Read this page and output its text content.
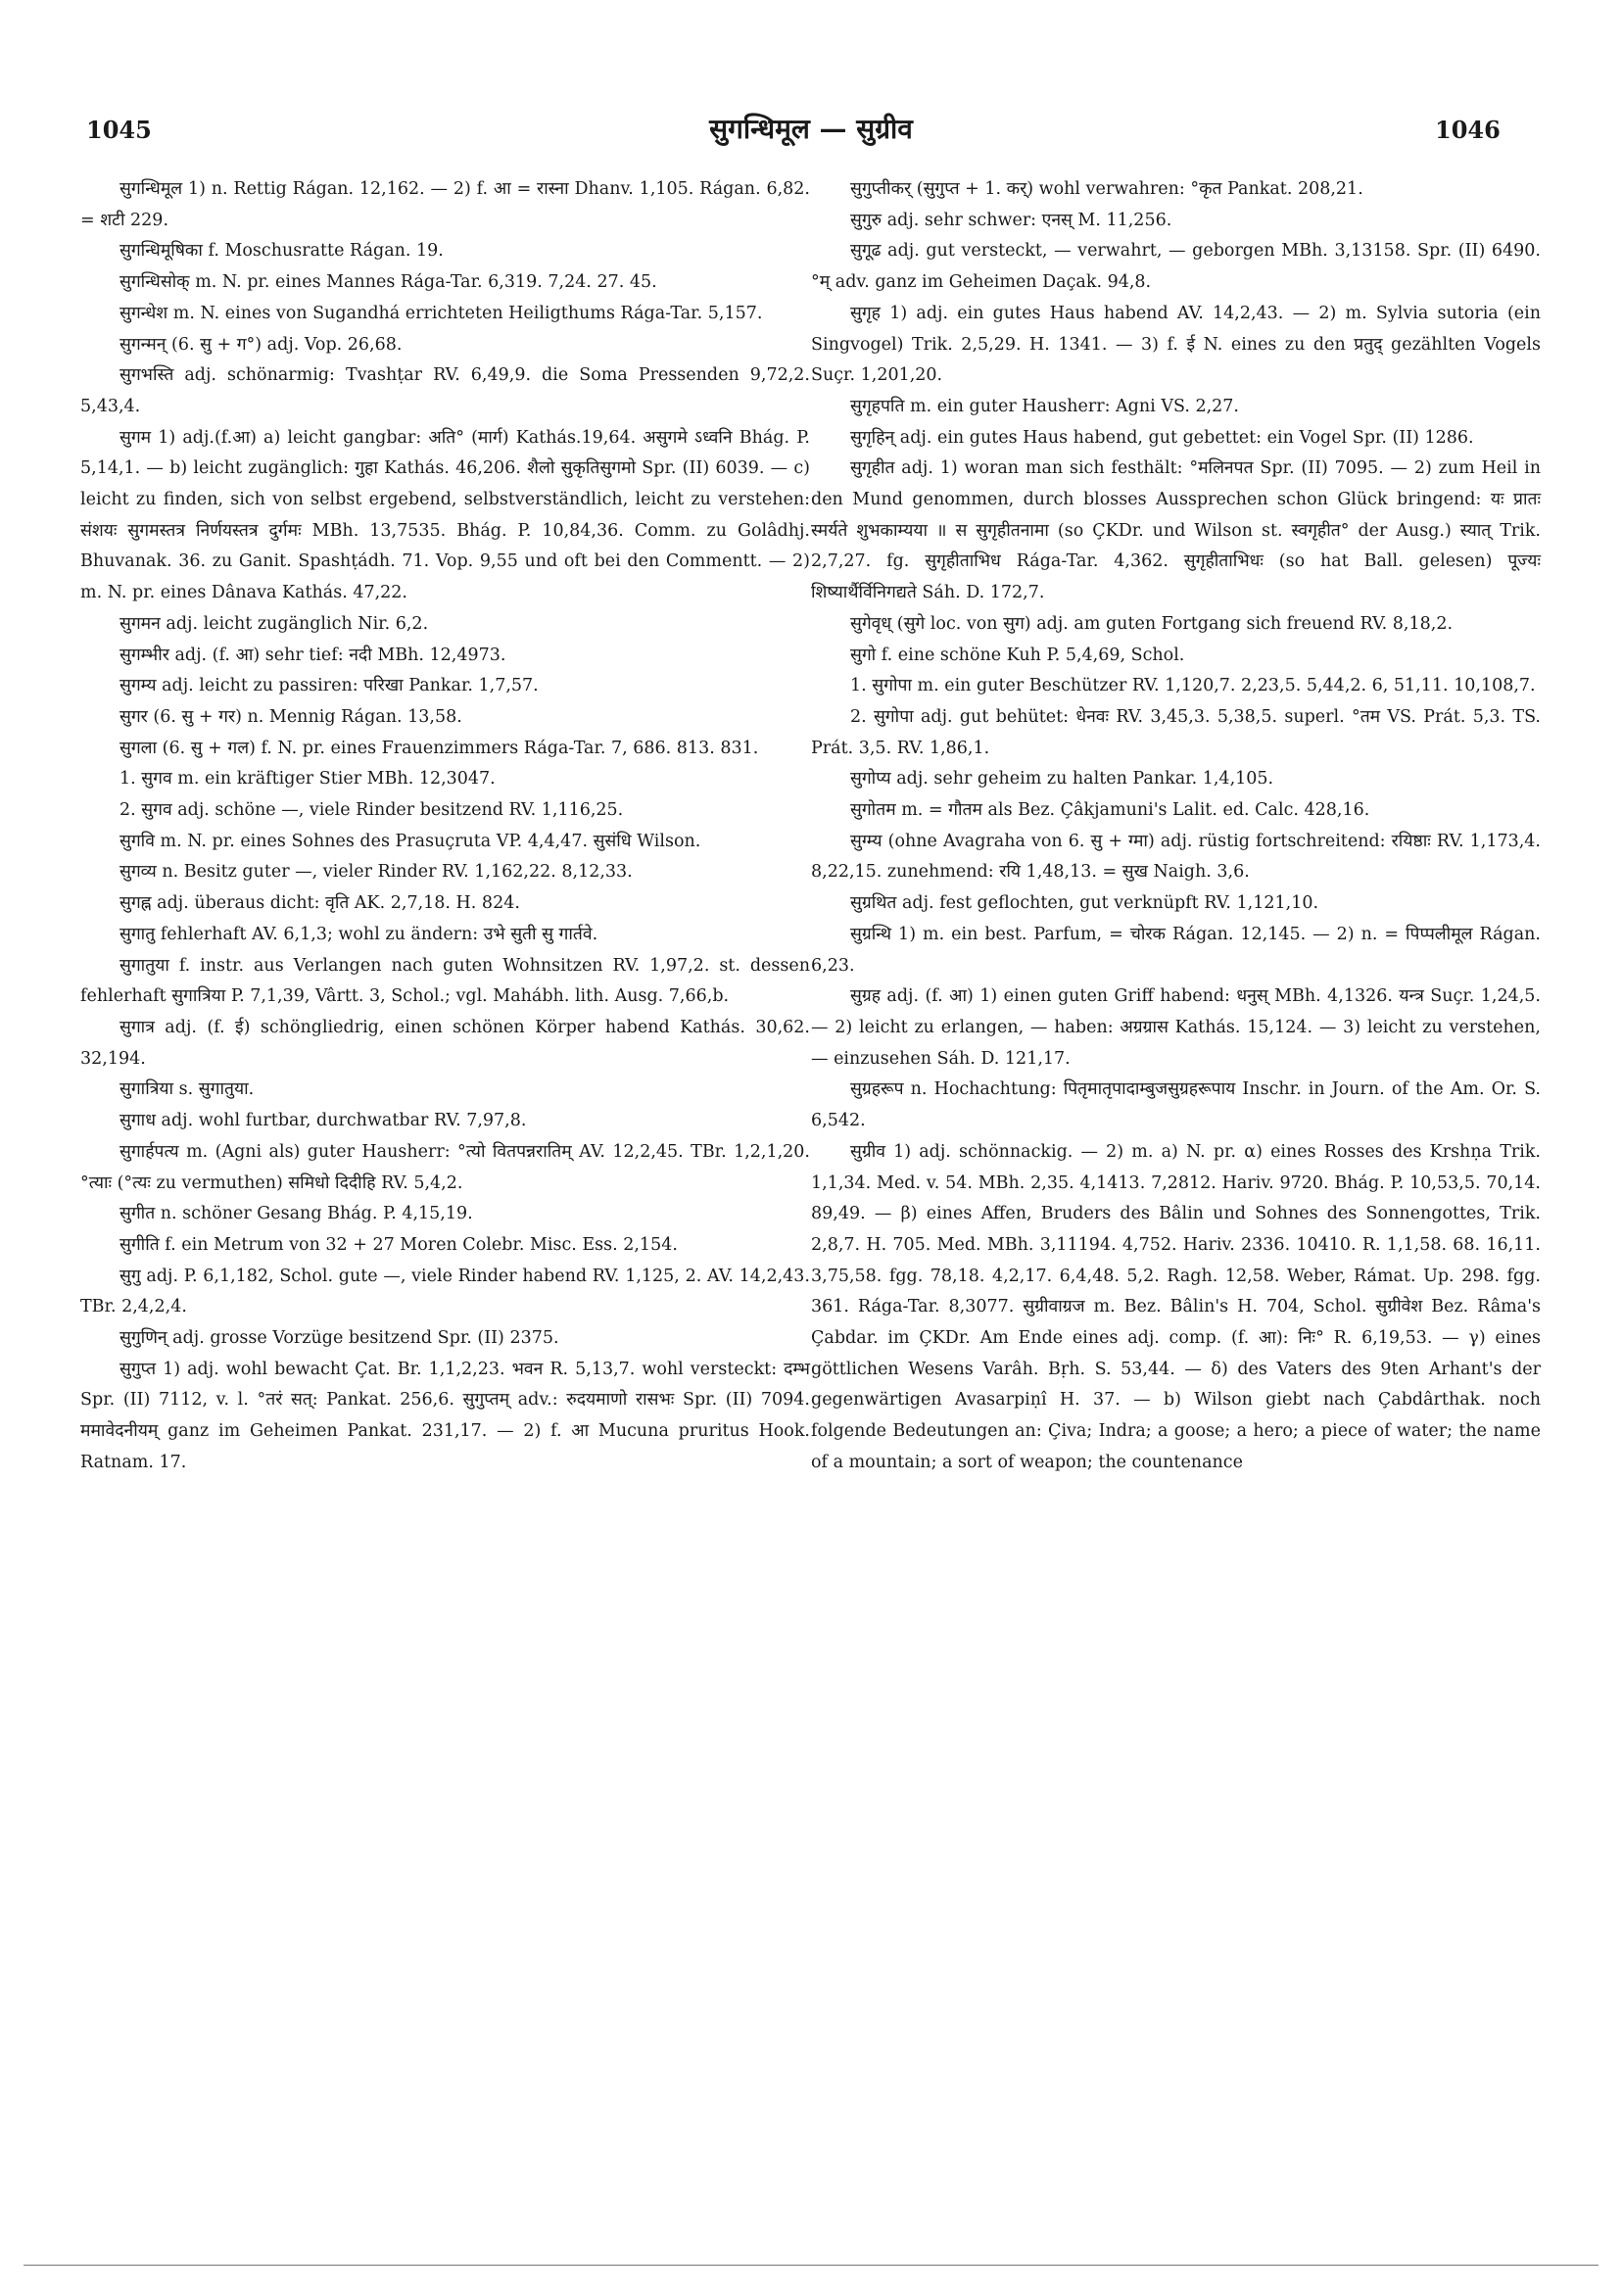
1045	सुगन्धिमूल — सुग्रीव	1046

सुगन्धिमूल 1) n. Rettig Rágan. 12,162. — 2) f. आ = रास्ना Dhanv. 1,105. Rágan. 6,82. = शटी 229.

सुगन्धिमूषिका f. Moschusratte Rágan. 19.

सुगन्धिसोक् m. N. pr. eines Mannes Rága-Tar. 6,319. 7,24. 27. 45.

सुगन्धेश m. N. eines von Sugandhá errichteten Heiligthums Rága-Tar. 5,157.

सुगन्मन् (6. सु + ग°) adj. Vop. 26,68.

सुगभस्ति adj. schönarmig: Tvashṭar RV. 6,49,9. die Soma Pressenden 9,72,2. 5,43,4.

सुगम 1) adj.(f.आ) a) leicht gangbar: अति° (मार्ग) Kathás.19,64. असुगमे ऽध्वनि Bhág. P. 5,14,1. — b) leicht zugänglich: गुहा Kathás. 46,206. शैलो सुकृतिसुगमो Spr. (II) 6039. — c) leicht zu finden, sich von selbst ergebend, selbstverständlich, leicht zu verstehen: संशयः सुगमस्तत्र निर्णयस्तत्र दुर्गमः MBh. 13,7535. Bhág. P. 10,84,36. Comm. zu Golâdhj. Bhuvanak. 36. zu Ganit. Spashṭádh. 71. Vop. 9,55 und oft bei den Commentt. — 2) m. N. pr. eines Dânava Kathás. 47,22.

सुगमन adj. leicht zugänglich Nir. 6,2.

सुगम्भीर adj. (f. आ) sehr tief: नदी MBh. 12,4973.

सुगम्य adj. leicht zu passiren: परिखा Pankar. 1,7,57.

सुगर (6. सु + गर) n. Mennig Rágan. 13,58.

सुगला (6. सु + गल) f. N. pr. eines Frauenzimmers Rága-Tar. 7, 686. 813. 831.

1. सुगव m. ein kräftiger Stier MBh. 12,3047.

2. सुगव adj. schöne —, viele Rinder besitzend RV. 1,116,25.

सुगवि m. N. pr. eines Sohnes des Prasuçruta VP. 4,4,47. सुसंधि Wilson.

सुगव्य n. Besitz guter —, vieler Rinder RV. 1,162,22. 8,12,33.

सुगह्न adj. überaus dicht: वृति AK. 2,7,18. H. 824.

सुगातु fehlerhaft AV. 6,1,3; wohl zu ändern: उभे सुती सु गार्तवे.

सुगातुया f. instr. aus Verlangen nach guten Wohnsitzen RV. 1,97,2. st. dessen fehlerhaft सुगात्रिया P. 7,1,39, Vârtt. 3, Schol.; vgl. Mahábh. lith. Ausg. 7,66,b.

सुगात्र adj. (f. ई) schöngliedrig, einen schönen Körper habend Kathás. 30,62. 32,194.

सुगात्रिया s. सुगातुया.

सुगाध adj. wohl furtbar, durchwatbar RV. 7,97,8.

सुगार्हपत्य m. (Agni als) guter Hausherr: °त्यो वितपन्नरातिम् AV. 12,2,45. TBr. 1,2,1,20. °त्याः (°त्यः zu vermuthen) समिधो दिदीहि RV. 5,4,2.

सुगीत n. schöner Gesang Bhág. P. 4,15,19.

सुगीति f. ein Metrum von 32 + 27 Moren Colebr. Misc. Ess. 2,154.

सुगु adj. P. 6,1,182, Schol. gute —, viele Rinder habend RV. 1,125, 2. AV. 14,2,43. TBr. 2,4,2,4.

सुगुणिन् adj. grosse Vorzüge besitzend Spr. (II) 2375.

सुगुप्त 1) adj. wohl bewacht Çat. Br. 1,1,2,23. भवन R. 5,13,7. wohl versteckt: दम्भ Spr. (II) 7112, v. l. °तरं सत्: Pankat. 256,6. सुगुप्तम् adv.: रुदयमाणो रासभः Spr. (II) 7094. ममावेदनीयम् ganz im Geheimen Pankat. 231,17. — 2) f. आ Mucuna pruritus Hook. Ratnam. 17.

सुगुप्तीकर् (सुगुप्त + 1. कर्) wohl verwahren: °कृत Pankat. 208,21.

सुगुरु adj. sehr schwer: एनस् M. 11,256.

सुगूढ adj. gut versteckt, — verwahrt, — geborgen MBh. 3,13158. Spr. (II) 6490. °म् adv. ganz im Geheimen Daçak. 94,8.

सुगृह 1) adj. ein gutes Haus habend AV. 14,2,43. — 2) m. Sylvia sutoria (ein Singvogel) Trik. 2,5,29. H. 1341. — 3) f. ई N. eines zu den प्रतुद् gezählten Vogels Suçr. 1,201,20.

सुगृहपति m. ein guter Hausherr: Agni VS. 2,27.

सुगृहिन् adj. ein gutes Haus habend, gut gebettet: ein Vogel Spr. (II) 1286.

सुगृहीत adj. 1) woran man sich festhält: °मलिनपत Spr. (II) 7095. — 2) zum Heil in den Mund genommen, durch blosses Aussprechen schon Glück bringend: यः प्रातः स्मर्यते शुभकाम्यया ॥ स सुगृहीतनामा (so ÇKDr. und Wilson st. स्वगृहीत° der Ausg.) स्यात् Trik. 2,7,27. fg. सुगृहीताभिध Rága-Tar. 4,362. सुगृहीताभिधः (so hat Ball. gelesen) पूज्यः शिष्यार्थैर्विनिगद्यते Sáh. D. 172,7.

सुगेवृध् (सुगे loc. von सुग) adj. am guten Fortgang sich freuend RV. 8,18,2.

सुगो f. eine schöne Kuh P. 5,4,69, Schol.

1. सुगोपा m. ein guter Beschützer RV. 1,120,7. 2,23,5. 5,44,2. 6, 51,11. 10,108,7.

2. सुगोपा adj. gut behütet: धेनवः RV. 3,45,3. 5,38,5. superl. °तम VS. Prát. 5,3. TS. Prát. 3,5. RV. 1,86,1.

सुगोप्य adj. sehr geheim zu halten Pankar. 1,4,105.

सुगोतम m. = गौतम als Bez. Çâkjamuni's Lalit. ed. Calc. 428,16.

सुग्म्य (ohne Avagraha von 6. सु + ग्मा) adj. rüstig fortschreitend: रयिष्ठाः RV. 1,173,4. 8,22,15. zunehmend: रयि 1,48,13. = सुख Naigh. 3,6.

सुग्रथित adj. fest geflochten, gut verknüpft RV. 1,121,10.

सुग्रन्थि 1) m. ein best. Parfum, = चोरक Rágan. 12,145. — 2) n. = पिप्पलीमूल Rágan. 6,23.

सुग्रह adj. (f. आ) 1) einen guten Griff habend: धनुस् MBh. 4,1326. यन्त्र Suçr. 1,24,5. — 2) leicht zu erlangen, — haben: अग्रग्रास Kathás. 15,124. — 3) leicht zu verstehen, — einzusehen Sáh. D. 121,17.

सुग्रहरूप n. Hochachtung: पितृमातृपादाम्बुजसुग्रहरूपाय Inschr. in Journ. of the Am. Or. S. 6,542.

सुग्रीव 1) adj. schönnackig. — 2) m. a) N. pr. α) eines Rosses des Krshṇa Trik. 1,1,34. Med. v. 54. MBh. 2,35. 4,1413. 7,2812. Hariv. 9720. Bhág. P. 10,53,5. 70,14. 89,49. — β) eines Affen, Bruders des Bâlin und Sohnes des Sonnengottes, Trik. 2,8,7. H. 705. Med. MBh. 3,11194. 4,752. Hariv. 2336. 10410. R. 1,1,58. 68. 16,11. 3,75,58. fgg. 78,18. 4,2,17. 6,4,48. 5,2. Ragh. 12,58. Weber, Rámat. Up. 298. fgg. 361. Rága-Tar. 8,3077. सुग्रीवाग्रज m. Bez. Bâlin's H. 704, Schol. सुग्रीवेश Bez. Râma's Çabdar. im ÇKDr. Am Ende eines adj. comp. (f. आ): निः° R. 6,19,53. — γ) eines göttlichen Wesens Varâh. Bṛh. S. 53,44. — δ) des Vaters des 9ten Arhant's der gegenwärtigen Avasarpiṇî H. 37. — b) Wilson giebt nach Çabdârthak. noch folgende Bedeutungen an: Çiva; Indra; a goose; a hero; a piece of water; the name of a mountain; a sort of weapon; the countenance
